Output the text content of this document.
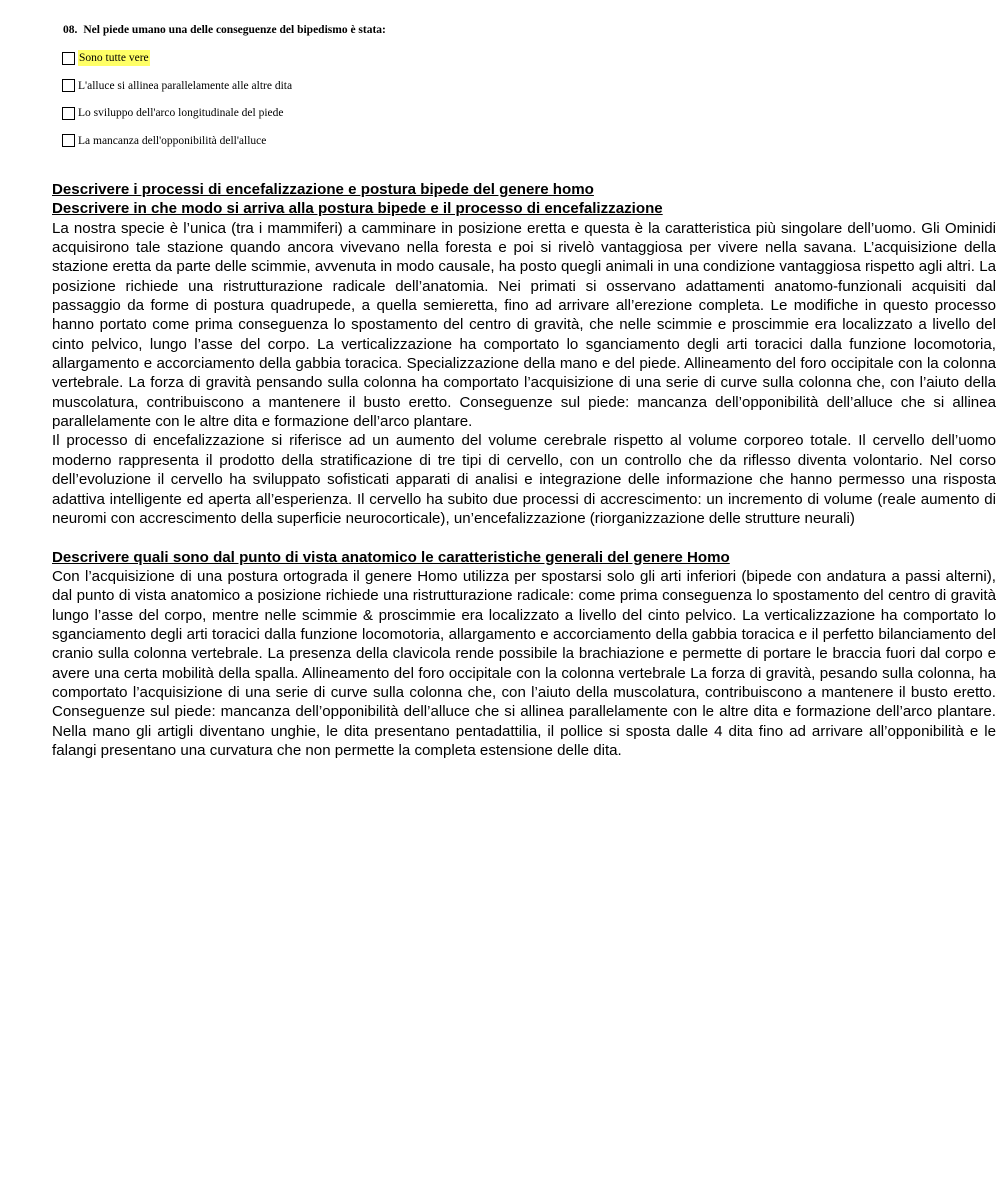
08. Nel piede umano una delle conseguenze del bipedismo è stata:

Sono tutte vere
L'alluce si allinea parallelamente alle altre dita
Lo sviluppo dell'arco longitudinale del piede
La mancanza dell'opponibilità dell'alluce

Descrivere i processi di encefalizzazione e postura bipede del genere homo

Descrivere in che modo si arriva alla postura bipede e il processo di encefalizzazione

La nostra specie è l’unica (tra i mammiferi) a camminare in posizione eretta e questa è la caratteristica più singolare dell’uomo. Gli Ominidi acquisirono tale stazione quando ancora vivevano nella foresta e poi si rivelò vantaggiosa per vivere nella savana. L’acquisizione della stazione eretta da parte delle scimmie, avvenuta in modo causale, ha posto quegli animali in una condizione vantaggiosa rispetto agli altri. La posizione richiede una ristrutturazione radicale dell’anatomia. Nei primati si osservano adattamenti anatomo-funzionali acquisiti dal passaggio da forme di postura quadrupede, a quella semieretta, fino ad arrivare all’erezione completa. Le modifiche in questo processo hanno portato come prima conseguenza lo spostamento del centro di gravità, che nelle scimmie e proscimmie era localizzato a livello del cinto pelvico, lungo l’asse del corpo. La verticalizzazione ha comportato lo sganciamento degli arti toracici dalla funzione locomotoria, allargamento e accorciamento della gabbia toracica. Specializzazione della mano e del piede. Allineamento del foro occipitale con la colonna vertebrale. La forza di gravità pensando sulla colonna ha comportato l’acquisizione di una serie di curve sulla colonna che, con l’aiuto della muscolatura, contribuiscono a mantenere il busto eretto. Conseguenze sul piede: mancanza dell’opponibilità dell’alluce che si allinea parallelamente con le altre dita e formazione dell’arco plantare.

Il processo di encefalizzazione si riferisce ad un aumento del volume cerebrale rispetto al volume corporeo totale. Il cervello dell’uomo moderno rappresenta il prodotto della stratificazione di tre tipi di cervello, con un controllo che da riflesso diventa volontario. Nel corso dell’evoluzione il cervello ha sviluppato sofisticati apparati di analisi e integrazione delle informazione che hanno permesso una risposta adattiva intelligente ed aperta all’esperienza. Il cervello ha subito due processi di accrescimento: un incremento di volume (reale aumento di neuromi con accrescimento della superficie neurocorticale), un’encefalizzazione (riorganizzazione delle strutture neurali)

Descrivere quali sono dal punto di vista anatomico le caratteristiche generali del genere Homo

Con l’acquisizione di una postura ortograda il genere Homo utilizza per spostarsi solo gli arti inferiori (bipede con andatura a passi alterni), dal punto di vista anatomico a posizione richiede una ristrutturazione radicale: come prima conseguenza lo spostamento del centro di gravità lungo l’asse del corpo, mentre nelle scimmie & proscimmie era localizzato a livello del cinto pelvico. La verticalizzazione ha comportato lo sganciamento degli arti toracici dalla funzione locomotoria, allargamento e accorciamento della gabbia toracica e il perfetto bilanciamento del cranio sulla colonna vertebrale. La presenza della clavicola rende possibile la brachiazione e permette di portare le braccia fuori dal corpo e avere una certa mobilità della spalla. Allineamento del foro occipitale con la colonna vertebrale La forza di gravità, pesando sulla colonna, ha comportato l’acquisizione di una serie di curve sulla colonna che, con l’aiuto della muscolatura, contribuiscono a mantenere il busto eretto. Conseguenze sul piede: mancanza dell’opponibilità dell’alluce che si allinea parallelamente con le altre dita e formazione dell’arco plantare. Nella mano gli artigli diventano unghie, le dita presentano pentadattilia, il pollice si sposta dalle 4 dita fino ad arrivare all’opponibilità e le falangi presentano una curvatura che non permette la completa estensione delle dita.
